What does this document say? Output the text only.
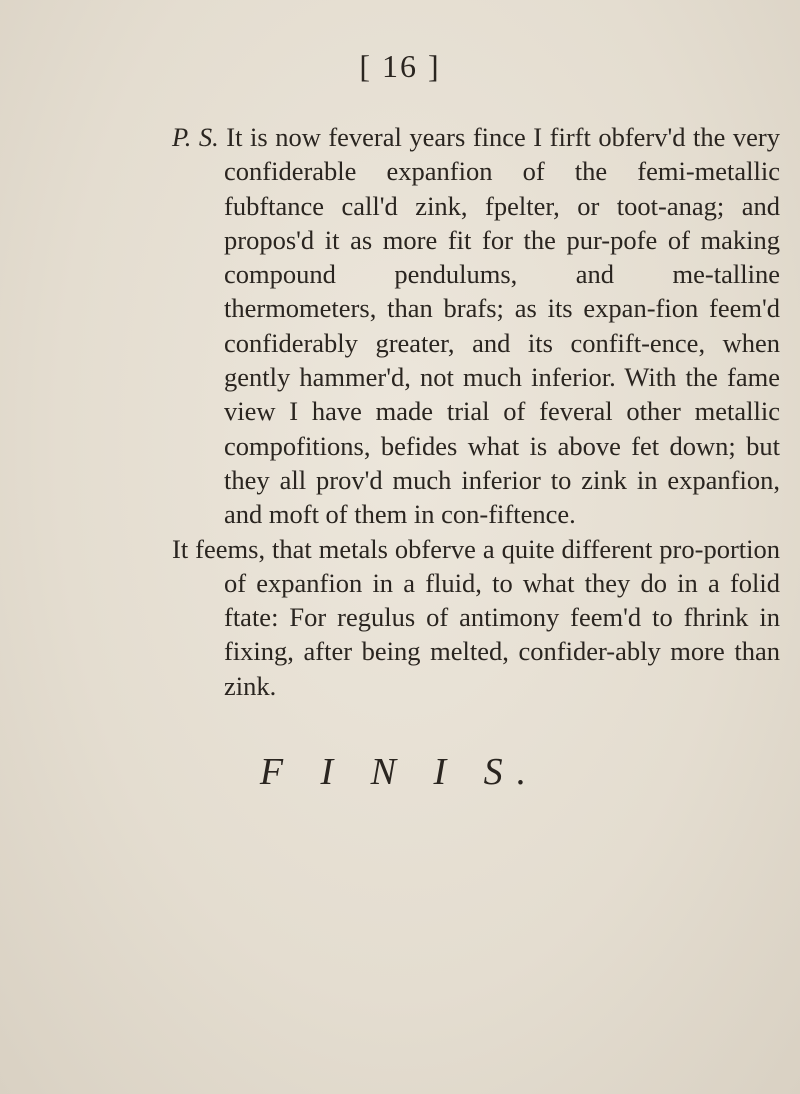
[ 16 ]

P. S. It is now feveral years fince I firft obferv'd the very confiderable expanfion of the femi-metallic fubftance call'd zink, fpelter, or toot-anag; and propos'd it as more fit for the pur-pofe of making compound pendulums, and me-talline thermometers, than brafs; as its expan-fion feem'd confiderably greater, and its confift-ence, when gently hammer'd, not much inferior. With the fame view I have made trial of feveral other metallic compofitions, befides what is above fet down; but they all prov'd much inferior to zink in expanfion, and moft of them in con-fiftence.

It feems, that metals obferve a quite different pro-portion of expanfion in a fluid, to what they do in a folid ftate: For regulus of antimony feem'd to fhrink in fixing, after being melted, confider-ably more than zink.

F I N I S.
